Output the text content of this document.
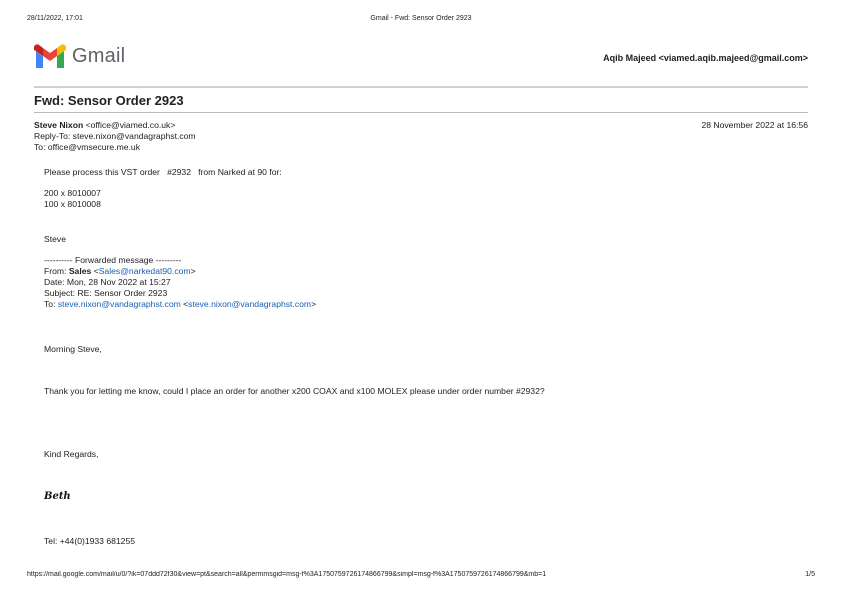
28/11/2022, 17:01	Gmail - Fwd: Sensor Order 2923
Gmail	Aqib Majeed <viamed.aqib.majeed@gmail.com>
Fwd: Sensor Order 2923
Steve Nixon <office@viamed.co.uk>	28 November 2022 at 16:56
Reply-To: steve.nixon@vandagraphst.com
To: office@vmsecure.me.uk
Please process this VST order   #2932   from Narked at 90 for:
200 x 8010007
100 x 8010008
Steve
---------- Forwarded message ---------
From: Sales <Sales@narkedat90.com>
Date: Mon, 28 Nov 2022 at 15:27
Subject: RE: Sensor Order 2923
To: steve.nixon@vandagraphst.com <steve.nixon@vandagraphst.com>
Morning Steve,
Thank you for letting me know, could I place an order for another x200 COAX and x100 MOLEX please under order number #2932?
Kind Regards,
Beth
Tel: +44(0)1933 681255
https://mail.google.com/mail/u/0/?ik=07ddd72f30&view=pt&search=all&permmsgid=msg-f%3A1750759726174866799&simpl=msg-f%3A1750759726174866799&mb=1	1/5
